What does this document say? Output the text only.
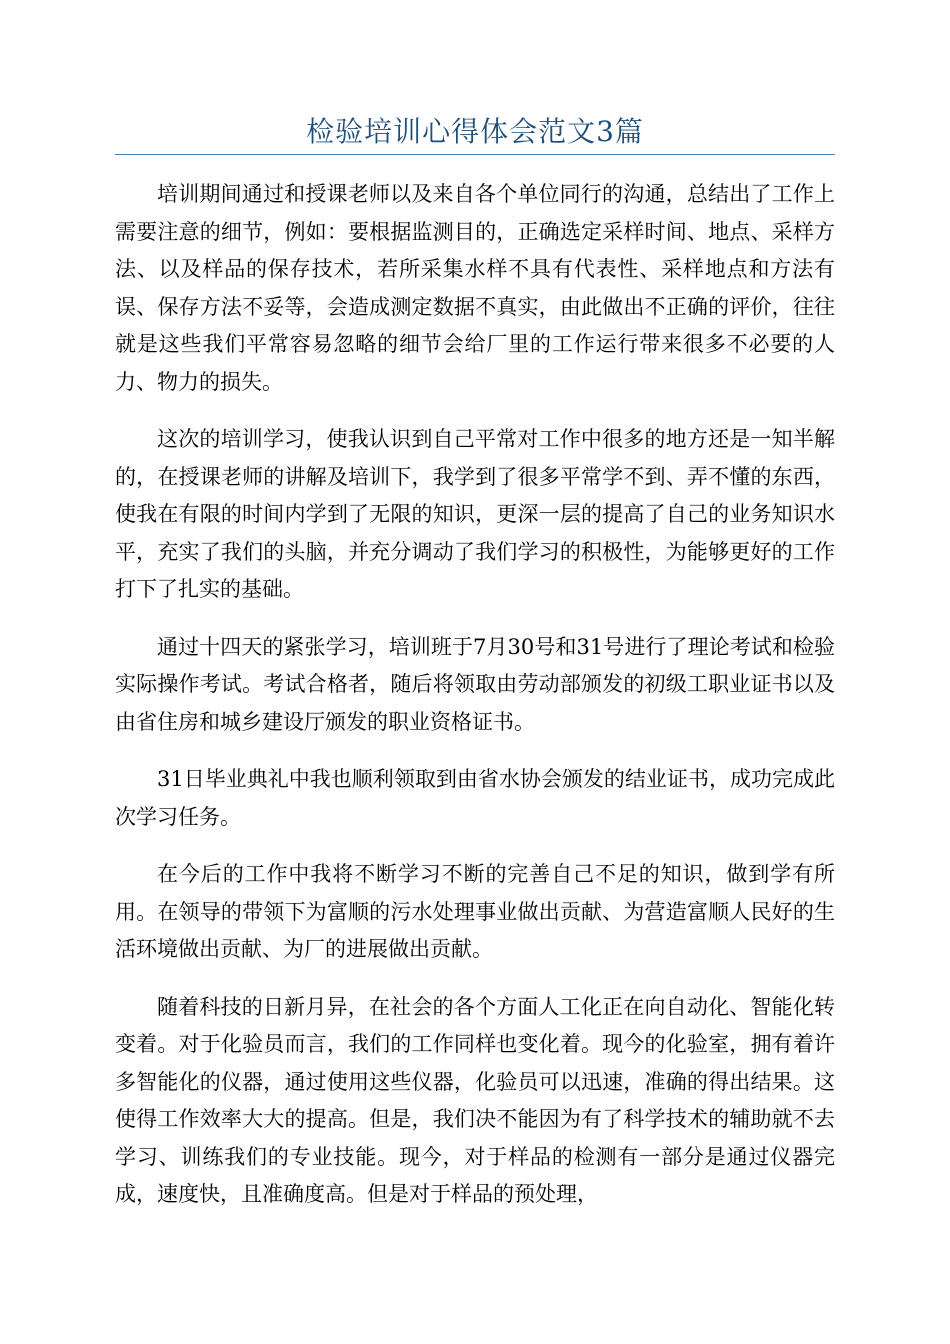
检验培训心得体会范文3篇

培训期间通过和授课老师以及来自各个单位同行的沟通，总结出了工作上需要注意的细节，例如：要根据监测目的，正确选定采样时间、地点、采样方法、以及样品的保存技术，若所采集水样不具有代表性、采样地点和方法有误、保存方法不妥等，会造成测定数据不真实，由此做出不正确的评价，往往就是这些我们平常容易忽略的细节会给厂里的工作运行带来很多不必要的人力、物力的损失。

这次的培训学习，使我认识到自己平常对工作中很多的地方还是一知半解的，在授课老师的讲解及培训下，我学到了很多平常学不到、弄不懂的东西，使我在有限的时间内学到了无限的知识，更深一层的提高了自己的业务知识水平，充实了我们的头脑，并充分调动了我们学习的积极性，为能够更好的工作打下了扎实的基础。

通过十四天的紧张学习，培训班于7月30号和31号进行了理论考试和检验实际操作考试。考试合格者，随后将领取由劳动部颁发的初级工职业证书以及由省住房和城乡建设厅颁发的职业资格证书。

31日毕业典礼中我也顺利领取到由省水协会颁发的结业证书，成功完成此次学习任务。

在今后的工作中我将不断学习不断的完善自己不足的知识，做到学有所用。在领导的带领下为富顺的污水处理事业做出贡献、为营造富顺人民好的生活环境做出贡献、为厂的进展做出贡献。

随着科技的日新月异，在社会的各个方面人工化正在向自动化、智能化转变着。对于化验员而言，我们的工作同样也变化着。现今的化验室，拥有着许多智能化的仪器，通过使用这些仪器，化验员可以迅速，准确的得出结果。这使得工作效率大大的提高。但是，我们决不能因为有了科学技术的辅助就不去学习、训练我们的专业技能。现今，对于样品的检测有一部分是通过仪器完成，速度快，且准确度高。但是对于样品的预处理，
